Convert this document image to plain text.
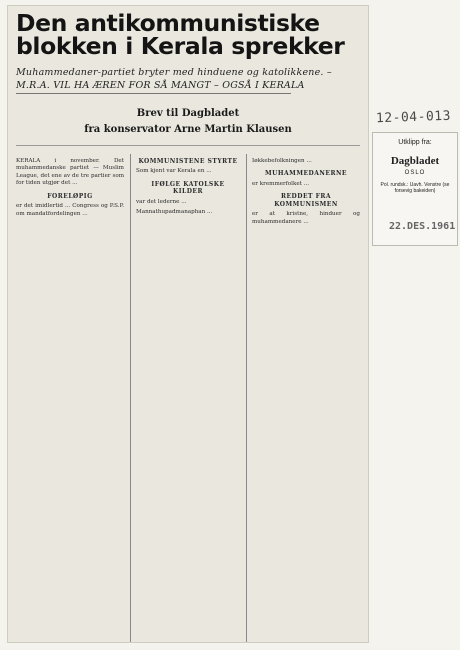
Den antikommunistiske
blokken i Kerala sprekker
Muhammedaner-partiet bryter med hinduene og katolikkene. –
M.R.A. VIL HA ÆREN FOR SÅ MANGT – OGSÅ I KERALA
Brev til Dagbladet
fra konservator Arne Martin Klausen

KERALA i november. Det muhammedanske partiet — Muslim League, det ene av de tre partier som for tiden utgjør det ...

FORELØPIG

er det imidlertid ... Congress og P.S.P. om mandatfordelingen ...

KOMMUNISTENE STYRTE

Som kjent var Kerala en ...

IFØLGE KATOLSKE KILDER

var det lederne ...

Mannathupadmanaphan ...

Iøkkebefolkningen ...

MUHAMMEDANERNE

er kremmerfolket ...

REDDET FRA KOMMUNISMEN

er at kristne, hinduer og muhammedanere ...

12-04-013
Utklipp fra:
Dagbladet
OSLO
Pol. rundsk.: Uavh. Venstre (se forsevig bakeiden)
22.DES.1961
